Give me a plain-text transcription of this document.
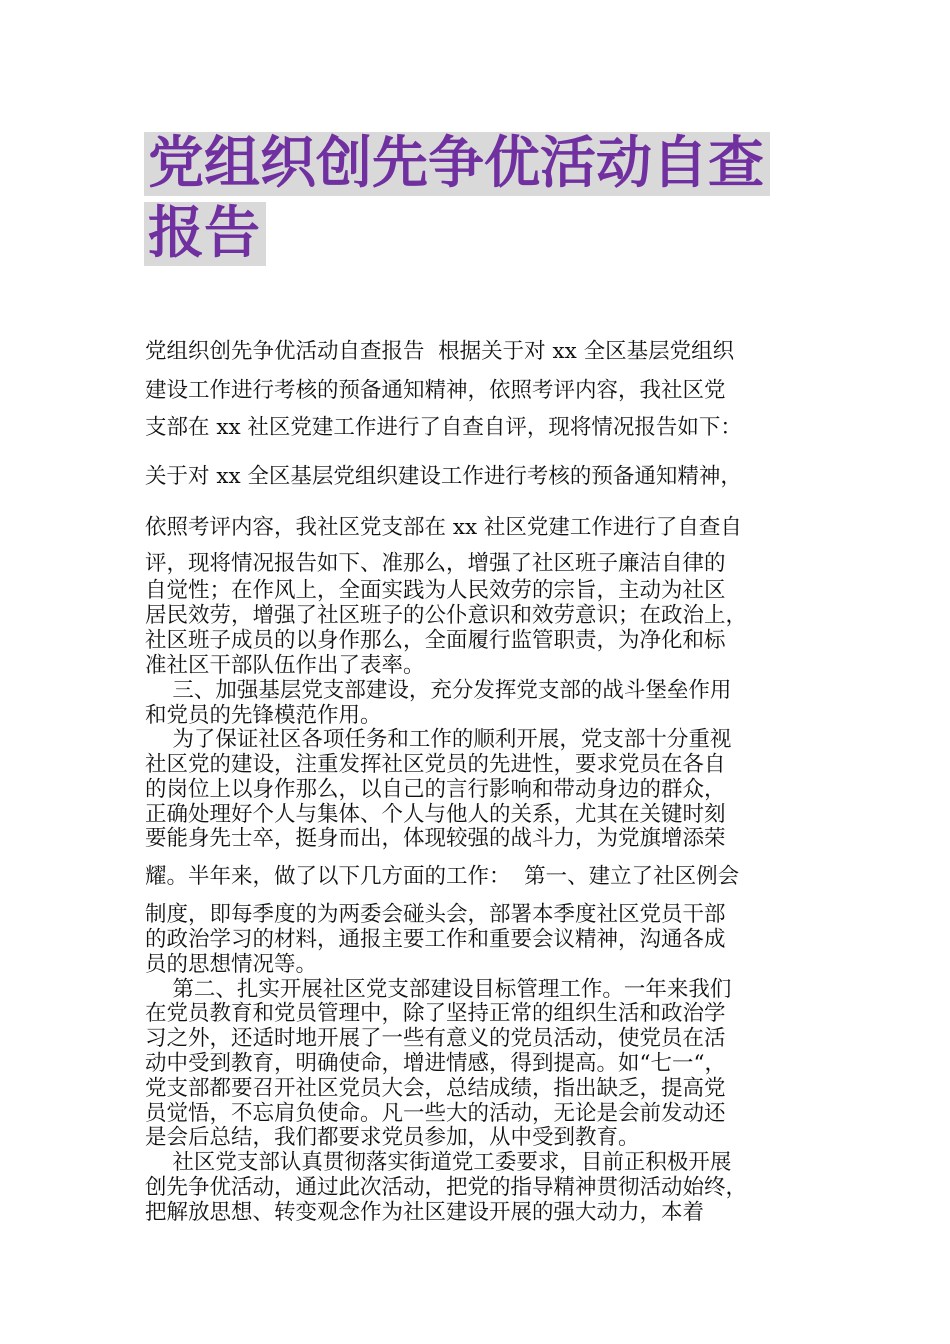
党组织创先争优活动自查
报告
党组织创先争优活动自查报告  根据关于对 xx 全区基层党组织
建设工作进行考核的预备通知精神，依照考评内容，我社区党
支部在 xx 社区党建工作进行了自查自评，现将情况报告如下：
关于对 xx 全区基层党组织建设工作进行考核的预备通知精神，
依照考评内容，我社区党支部在 xx 社区党建工作进行了自查自
评，现将情况报告如下、准那么，增强了社区班子廉洁自律的
自觉性；在作风上，全面实践为人民效劳的宗旨，主动为社区
居民效劳，增强了社区班子的公仆意识和效劳意识；在政治上，
社区班子成员的以身作那么，全面履行监管职责，为净化和标
准社区干部队伍作出了表率。
三、加强基层党支部建设，充分发挥党支部的战斗堡垒作用
和党员的先锋模范作用。
为了保证社区各项任务和工作的顺利开展，党支部十分重视
社区党的建设，注重发挥社区党员的先进性，要求党员在各自
的岗位上以身作那么，以自己的言行影响和带动身边的群众，
正确处理好个人与集体、个人与他人的关系，尤其在关键时刻
要能身先士卒，挺身而出，体现较强的战斗力，为党旗增添荣
耀。半年来，做了以下几方面的工作：  第一、建立了社区例会
制度，即每季度的为两委会碰头会，部署本季度社区党员干部
的政治学习的材料，通报主要工作和重要会议精神，沟通各成
员的思想情况等。
第二、扎实开展社区党支部建设目标管理工作。一年来我们
在党员教育和党员管理中，除了坚持正常的组织生活和政治学
习之外，还适时地开展了一些有意义的党员活动，使党员在活
动中受到教育，明确使命，增进情感，得到提高。如“七一“，
党支部都要召开社区党员大会，总结成绩，指出缺乏，提高党
员觉悟，不忘肩负使命。凡一些大的活动，无论是会前发动还
是会后总结，我们都要求党员参加，从中受到教育。
社区党支部认真贯彻落实街道党工委要求，目前正积极开展
创先争优活动，通过此次活动，把党的指导精神贯彻活动始终，
把解放思想、转变观念作为社区建设开展的强大动力，本着
